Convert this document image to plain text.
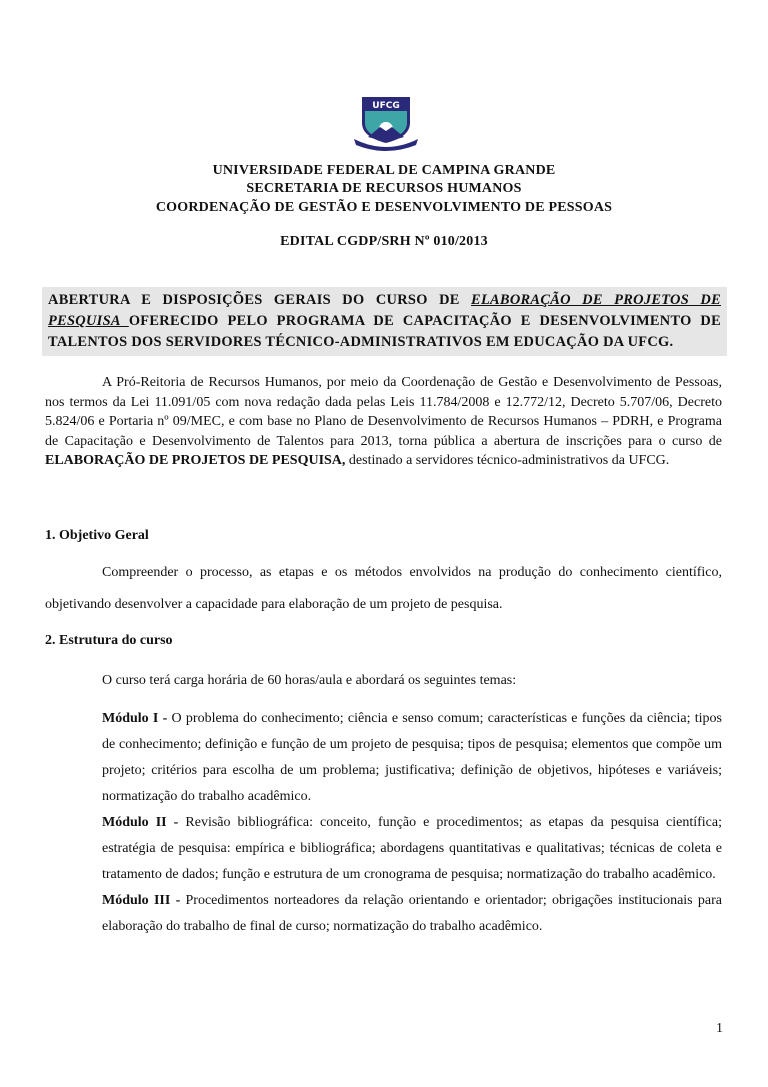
UFCG
UNIVERSIDADE FEDERAL DE CAMPINA GRANDE
SECRETARIA DE RECURSOS HUMANOS
COORDENAÇÃO DE GESTÃO E DESENVOLVIMENTO DE PESSOAS
EDITAL CGDP/SRH Nº 010/2013
ABERTURA E DISPOSIÇÕES GERAIS DO CURSO DE ELABORAÇÃO DE PROJETOS DE PESQUISA OFERECIDO PELO PROGRAMA DE CAPACITAÇÃO E DESENVOLVIMENTO DE TALENTOS DOS SERVIDORES TÉCNICO-ADMINISTRATIVOS EM EDUCAÇÃO DA UFCG.
A Pró-Reitoria de Recursos Humanos, por meio da Coordenação de Gestão e Desenvolvimento de Pessoas, nos termos da Lei 11.091/05 com nova redação dada pelas Leis 11.784/2008 e 12.772/12, Decreto 5.707/06, Decreto 5.824/06 e Portaria nº 09/MEC, e com base no Plano de Desenvolvimento de Recursos Humanos – PDRH, e Programa de Capacitação e Desenvolvimento de Talentos para 2013, torna pública a abertura de inscrições para o curso de ELABORAÇÃO DE PROJETOS DE PESQUISA, destinado a servidores técnico-administrativos da UFCG.
1. Objetivo Geral
Compreender o processo, as etapas e os métodos envolvidos na produção do conhecimento científico, objetivando desenvolver a capacidade para elaboração de um projeto de pesquisa.
2. Estrutura do curso
O curso terá carga horária de 60 horas/aula e abordará os seguintes temas:
Módulo I - O problema do conhecimento; ciência e senso comum; características e funções da ciência; tipos de conhecimento; definição e função de um projeto de pesquisa; tipos de pesquisa; elementos que compõe um projeto; critérios para escolha de um problema; justificativa; definição de objetivos, hipóteses e variáveis; normatização do trabalho acadêmico.
Módulo II - Revisão bibliográfica: conceito, função e procedimentos; as etapas da pesquisa científica; estratégia de pesquisa: empírica e bibliográfica; abordagens quantitativas e qualitativas; técnicas de coleta e tratamento de dados; função e estrutura de um cronograma de pesquisa; normatização do trabalho acadêmico.
Módulo III - Procedimentos norteadores da relação orientando e orientador; obrigações institucionais para elaboração do trabalho de final de curso; normatização do trabalho acadêmico.
1
